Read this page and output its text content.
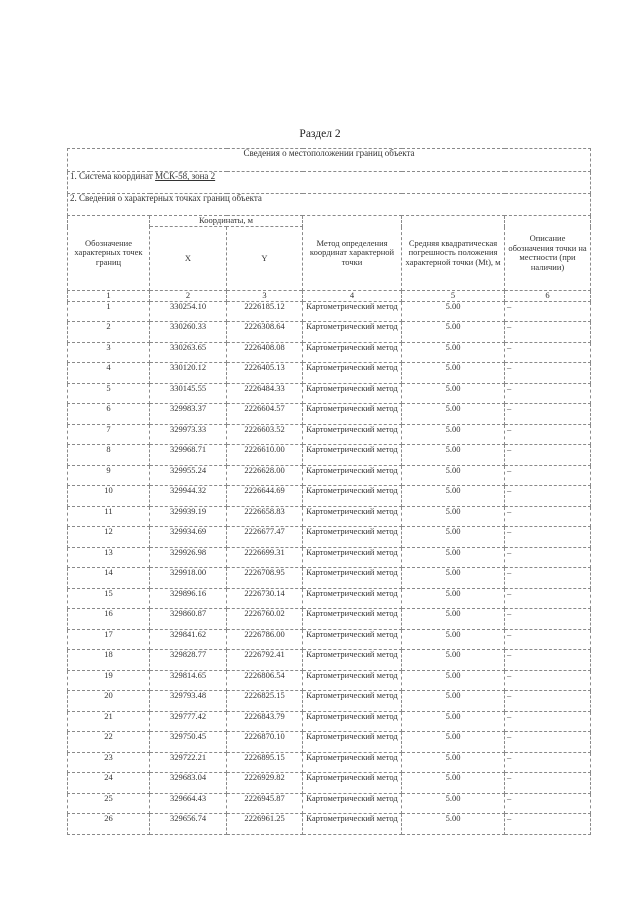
Раздел 2
Сведения о местоположении границ объекта					
1. Система координат МСК-58, зона 2					
2. Сведения о характерных точках границ объекта					
Обозначение характерных точек границ	Координаты, м		Метод определения координат характерной точки	Средняя квадратическая погрешность положения характерной точки (Mt), м	Описание обозначения точки на местности (при наличии)
	X	Y			
1	2	3	4	5	6
1	330254.10	2226185.12	Картометрический метод	5.00	–
2	330260.33	2226308.64	Картометрический метод	5.00	–
3	330263.65	2226408.08	Картометрический метод	5.00	–
4	330120.12	2226405.13	Картометрический метод	5.00	–
5	330145.55	2226484.33	Картометрический метод	5.00	–
6	329983.37	2226604.57	Картометрический метод	5.00	–
7	329973.33	2226603.52	Картометрический метод	5.00	–
8	329968.71	2226610.00	Картометрический метод	5.00	–
9	329955.24	2226628.00	Картометрический метод	5.00	–
10	329944.32	2226644.69	Картометрический метод	5.00	–
11	329939.19	2226658.83	Картометрический метод	5.00	–
12	329934.69	2226677.47	Картометрический метод	5.00	–
13	329926.98	2226699.31	Картометрический метод	5.00	–
14	329918.00	2226708.95	Картометрический метод	5.00	–
15	329896.16	2226730.14	Картометрический метод	5.00	–
16	329860.87	2226760.02	Картометрический метод	5.00	–
17	329841.62	2226786.00	Картометрический метод	5.00	–
18	329828.77	2226792.41	Картометрический метод	5.00	–
19	329814.65	2226806.54	Картометрический метод	5.00	–
20	329793.48	2226825.15	Картометрический метод	5.00	–
21	329777.42	2226843.79	Картометрический метод	5.00	–
22	329750.45	2226870.10	Картометрический метод	5.00	–
23	329722.21	2226895.15	Картометрический метод	5.00	–
24	329683.04	2226929.82	Картометрический метод	5.00	–
25	329664.43	2226945.87	Картометрический метод	5.00	–
26	329656.74	2226961.25	Картометрический метод	5.00	–
